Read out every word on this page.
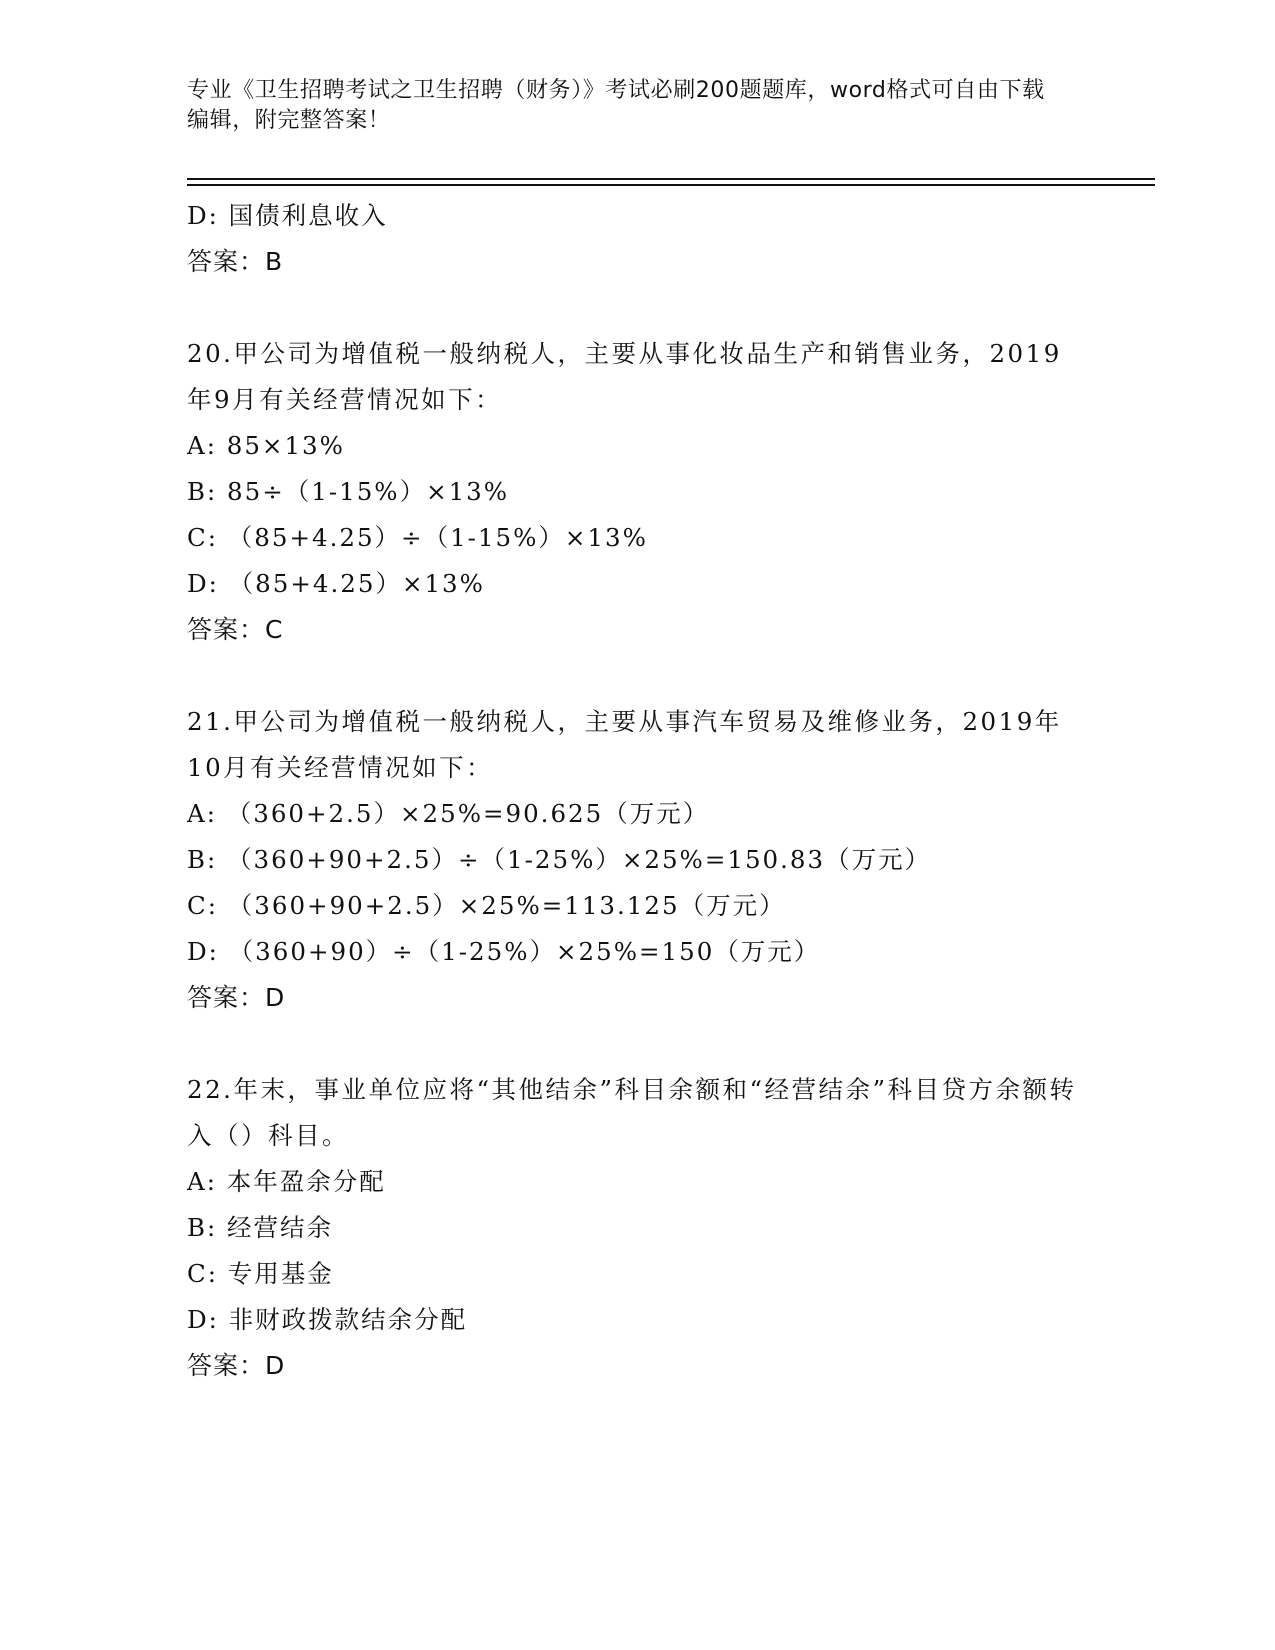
专业《卫生招聘考试之卫生招聘（财务）》考试必刷200题题库，word格式可自由下载编辑，附完整答案！
D: 国债利息收入
答案：B
20.甲公司为增值税一般纳税人，主要从事化妆品生产和销售业务，2019年9月有关经营情况如下：
A: 85×13%
B: 85÷（1-15%）×13%
C: （85+4.25）÷（1-15%）×13%
D: （85+4.25）×13%
答案：C
21.甲公司为增值税一般纳税人，主要从事汽车贸易及维修业务，2019年10月有关经营情况如下：
A: （360+2.5）×25%=90.625（万元）
B: （360+90+2.5）÷（1-25%）×25%=150.83（万元）
C: （360+90+2.5）×25%=113.125（万元）
D: （360+90）÷（1-25%）×25%=150（万元）
答案：D
22.年末，事业单位应将“其他结余”科目余额和“经营结余”科目贷方余额转入（）科目。
A: 本年盈余分配
B: 经营结余
C: 专用基金
D: 非财政拨款结余分配
答案：D
